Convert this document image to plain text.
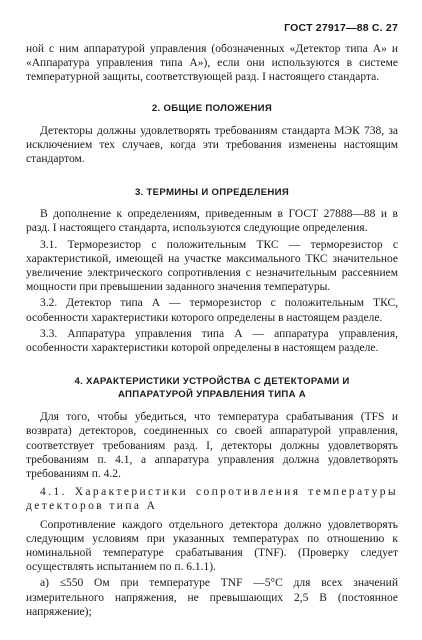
ГОСТ 27917—88 С. 27

ной с ним аппаратурой управления (обозначенных «Детектор типа А» и «Аппаратура управления типа А»), если они используются в системе температурной защиты, соответствующей разд. I настоящего стандарта.

2. ОБЩИЕ ПОЛОЖЕНИЯ

Детекторы должны удовлетворять требованиям стандарта МЭК 738, за исключением тех случаев, когда эти требования изменены настоящим стандартом.

3. ТЕРМИНЫ И ОПРЕДЕЛЕНИЯ

В дополнение к определениям, приведенным в ГОСТ 27888—88 и в разд. I настоящего стандарта, используются следующие определения.

3.1. Терморезистор с положительным ТКС — терморезистор с характеристикой, имеющей на участке максимального ТКС значительное увеличение электрического сопротивления с незначительным рассеянием мощности при превышении заданного значения температуры.

3.2. Детектор типа А — терморезистор с положительным ТКС, особенности характеристики которого определены в настоящем разделе.

3.3. Аппаратура управления типа А — аппаратура управления, особенности характеристики которой определены в настоящем разделе.

4. ХАРАКТЕРИСТИКИ УСТРОЙСТВА С ДЕТЕКТОРАМИ И

АППАРАТУРОЙ УПРАВЛЕНИЯ ТИПА А

Для того, чтобы убедиться, что температура срабатывания (TFS и возврата) детекторов, соединенных со своей аппаратурой управления, соответствует требованиям разд. I, детекторы должны удовлетворять требованиям п. 4.1, а аппаратура управления должна удовлетворять требованиям п. 4.2.

4.1. Характеристики сопротивления температуры детекторов типа А

Сопротивление каждого отдельного детектора должно удовлетворять следующим условиям при указанных температурах по отношению к номинальной температуре срабатывания (TNF). (Проверку следует осуществлять испытанием по п. 6.1.1).

а) ≤550 Ом при температуре TNF —5°С для всех значений измерительного напряжения, не превышающих 2,5 В (постоянное напряжение);
